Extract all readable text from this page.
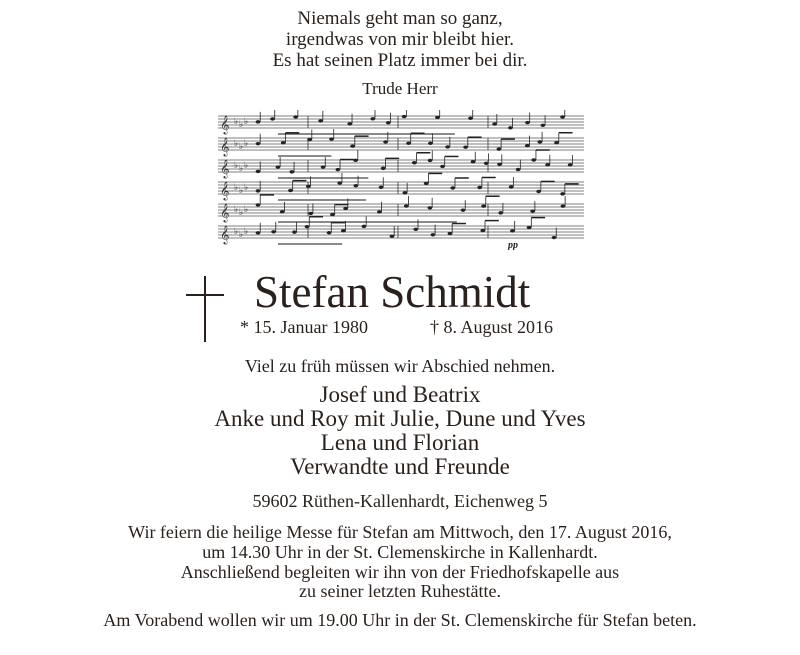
Niemals geht man so ganz,
irgendwas von mir bleibt hier.
Es hat seinen Platz immer bei dir.
Trude Herr
𝄞 ♭ ♭ ♭
𝄞 ♭ ♭ ♭
𝄞 ♭ ♭ ♭
𝄞 ♭ ♭ ♭
𝄞 ♭ ♭ ♭
𝄞 ♭ ♭ ♭
pp
Stefan Schmidt
* 15. Januar 1980	† 8. August 2016
Viel zu früh müssen wir Abschied nehmen.
Josef und Beatrix
Anke und Roy mit Julie, Dune und Yves
Lena und Florian
Verwandte und Freunde
59602 Rüthen-Kallenhardt, Eichenweg 5
Wir feiern die heilige Messe für Stefan am Mittwoch, den 17. August 2016,
um 14.30 Uhr in der St. Clemenskirche in Kallenhardt.
Anschließend begleiten wir ihn von der Friedhofskapelle aus
zu seiner letzten Ruhestätte.
Am Vorabend wollen wir um 19.00 Uhr in der St. Clemenskirche für Stefan beten.
